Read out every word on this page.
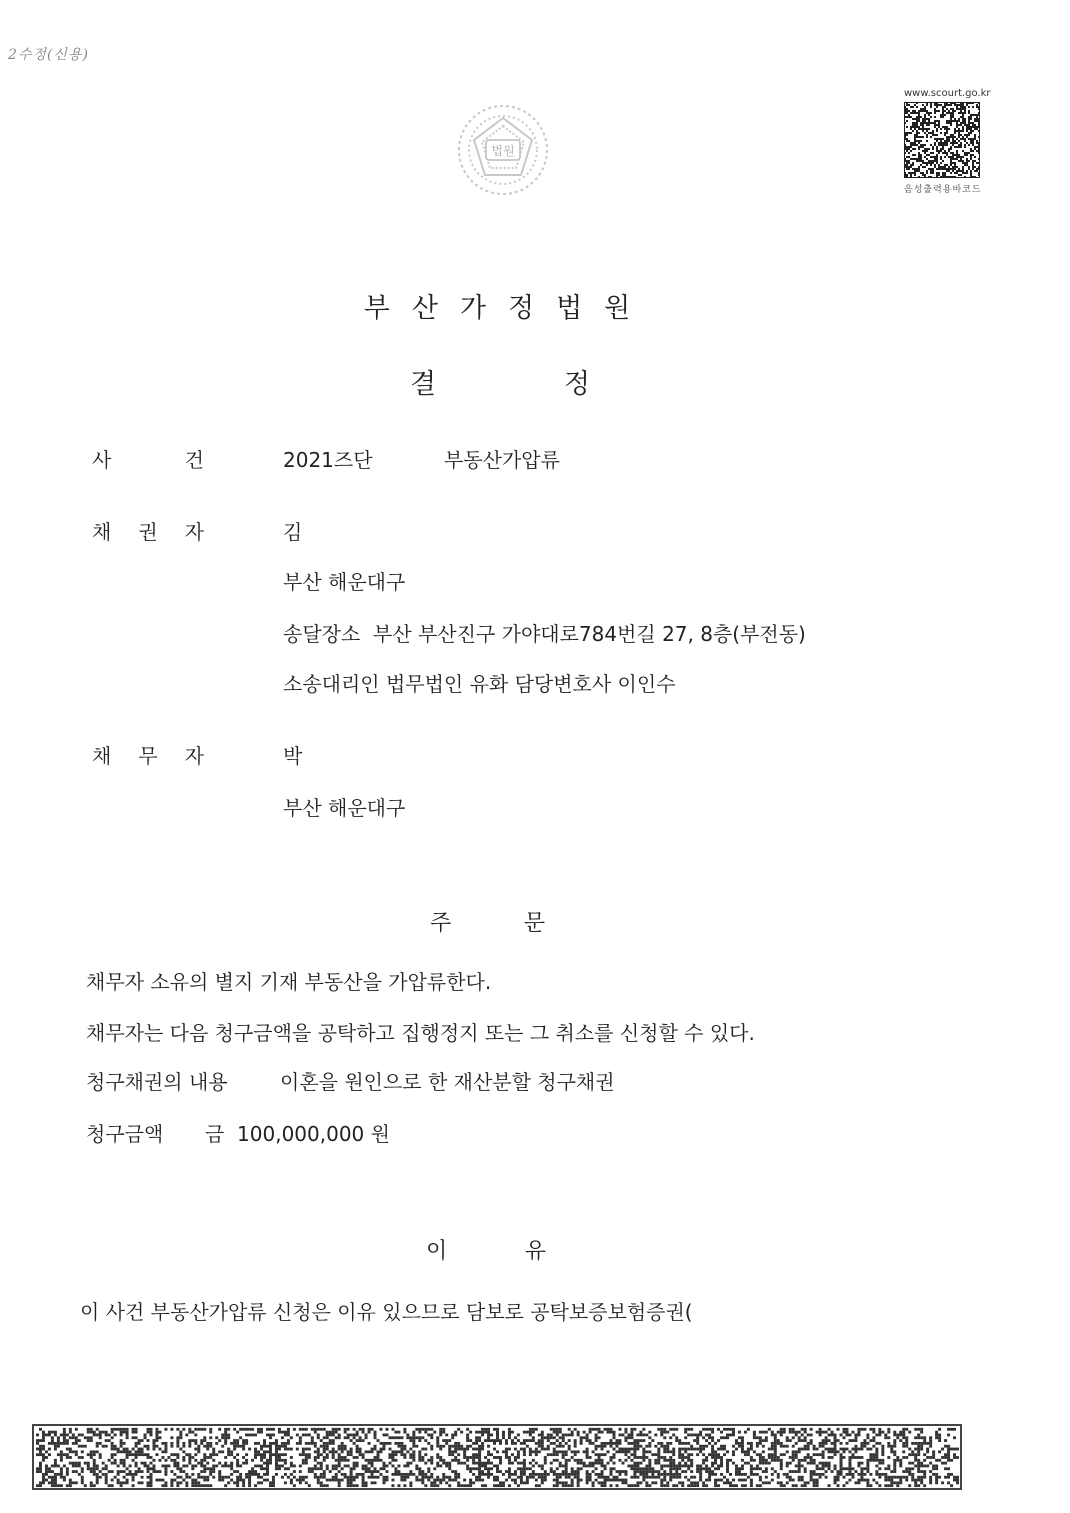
2수정(신용)
법원
www.scourt.go.kr
음성출력용바코드
부산가정법원
결	정
사	건	2021즈단	부동산가압류
채 권 자	김
부산 해운대구
송달장소  부산 부산진구 가야대로784번길 27, 8층(부전동)
소송대리인 법무법인 유화 담당변호사 이인수
채 무 자	박
부산 해운대구
주	문
채무자 소유의 별지 기재 부동산을 가압류한다.
채무자는 다음 청구금액을 공탁하고 집행정지 또는 그 취소를 신청할 수 있다.
청구채권의 내용	이혼을 원인으로 한 재산분할 청구채권
청구금액 금  100,000,000 원
이	유
이 사건 부동산가압류 신청은 이유 있으므로 담보로 공탁보증보험증권(
